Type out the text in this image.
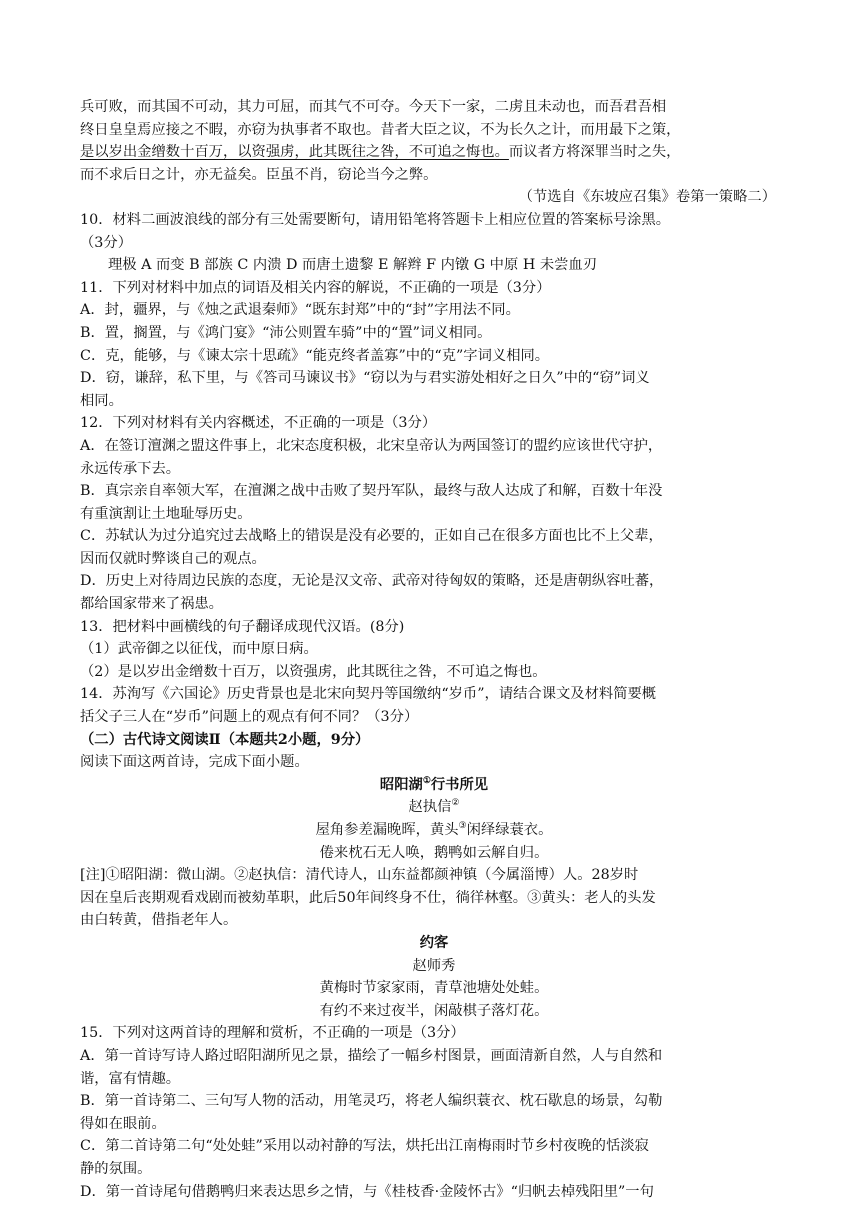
兵可败，而其国不可动，其力可屈，而其气不可夺。今天下一家，二虏且未动也，而吾君吾相
终日皇皇焉应接之不暇，亦窃为执事者不取也。昔者大臣之议，不为长久之计，而用最下之策，
是以岁出金缯数十百万，以资强虏，此其既往之咎，不可追之悔也。而议者方将深罪当时之失，
而不求后日之计，亦无益矣。臣虽不肖，窃论当今之弊。
（节选自《东坡应召集》卷第一策略二）
10．材料二画波浪线的部分有三处需要断句，请用铅笔将答题卡上相应位置的答案标号涂黑。
（3分）
理极 A 而变 B 部族 C 内溃 D 而唐土遗黎 E 解辫 F 内镦 G 中原 H 未尝血刃
11．下列对材料中加点的词语及相关内容的解说，不正确的一项是（3分）
A．封，疆界，与《烛之武退秦师》“既东封郑”中的“封”字用法不同。
B．置，搁置，与《鸿门宴》“沛公则置车骑”中的“置”词义相同。
C．克，能够，与《谏太宗十思疏》“能克终者盖寡”中的“克”字词义相同。
D．窃，谦辞，私下里，与《答司马谏议书》“窃以为与君实游处相好之日久”中的“窃”词义
相同。
12．下列对材料有关内容概述，不正确的一项是（3分）
A．在签订澶渊之盟这件事上，北宋态度积极，北宋皇帝认为两国签订的盟约应该世代守护，
永远传承下去。
B．真宗亲自率领大军，在澶渊之战中击败了契丹军队，最终与敌人达成了和解，百数十年没
有重演割让土地耻辱历史。
C．苏轼认为过分追究过去战略上的错误是没有必要的，正如自己在很多方面也比不上父辈，
因而仅就时弊谈自己的观点。
D．历史上对待周边民族的态度，无论是汉文帝、武帝对待匈奴的策略，还是唐朝纵容吐蕃，
都给国家带来了祸患。
13．把材料中画横线的句子翻译成现代汉语。(8分)
（1）武帝御之以征伐，而中原日病。
（2）是以岁出金缯数十百万，以资强虏，此其既往之咎，不可追之悔也。
14．苏洵写《六国论》历史背景也是北宋向契丹等国缴纳“岁币”，请结合课文及材料简要概
括父子三人在“岁币”问题上的观点有何不同？（3分）
（二）古代诗文阅读Ⅱ（本题共2小题，9分）
阅读下面这两首诗，完成下面小题。
昭阳湖①行书所见
赵执信②
屋角参差漏晚晖，黄头③闲绎绿蓑衣。
倦来枕石无人唤，鹅鸭如云解自归。
[注]①昭阳湖：微山湖。②赵执信：清代诗人，山东益都颜神镇（今属淄博）人。28岁时
因在皇后丧期观看戏剧而被劾革职，此后50年间终身不仕，徜徉林壑。③黄头：老人的头发
由白转黄，借指老年人。
约客
赵师秀
黄梅时节家家雨，青草池塘处处蛙。
有约不来过夜半，闲敲棋子落灯花。
15．下列对这两首诗的理解和赏析，不正确的一项是（3分）
A．第一首诗写诗人路过昭阳湖所见之景，描绘了一幅乡村图景，画面清新自然，人与自然和
谐，富有情趣。
B．第一首诗第二、三句写人物的活动，用笔灵巧，将老人编织蓑衣、枕石歇息的场景，勾勒
得如在眼前。
C．第二首诗第二句“处处蛙”采用以动衬静的写法，烘托出江南梅雨时节乡村夜晚的恬淡寂
静的氛围。
D．第一首诗尾句借鹅鸭归来表达思乡之情，与《桂枝香·金陵怀古》“归帆去棹残阳里”一句
